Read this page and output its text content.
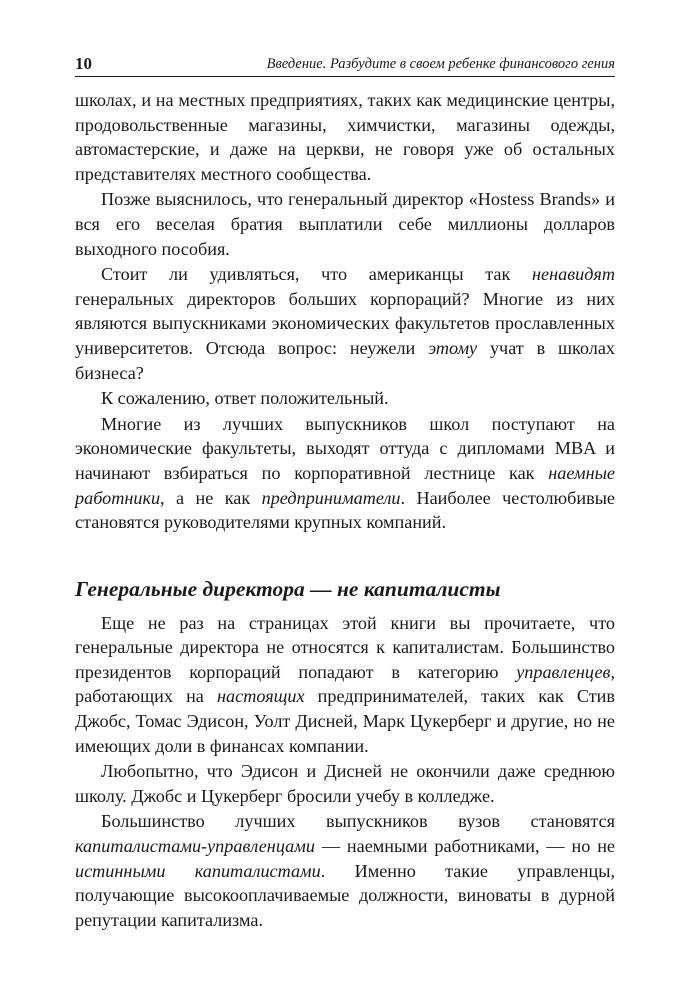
10	Введение. Разбудите в своем ребенке финансового гения

школах, и на местных предприятиях, таких как медицинские центры, продовольственные магазины, химчистки, магазины одежды, автомастерские, и даже на церкви, не говоря уже об остальных представителях местного сообщества.

Позже выяснилось, что генеральный директор «Hostess Brands» и вся его веселая братия выплатили себе миллионы долларов выходного пособия.

Стоит ли удивляться, что американцы так ненавидят генеральных директоров больших корпораций? Многие из них являются выпускниками экономических факультетов прославленных университетов. Отсюда вопрос: неужели этому учат в школах бизнеса?

К сожалению, ответ положительный.

Многие из лучших выпускников школ поступают на экономические факультеты, выходят оттуда с дипломами MBA и начинают взбираться по корпоративной лестнице как наемные работники, а не как предприниматели. Наиболее честолюбивые становятся руководителями крупных компаний.

Генеральные директора — не капиталисты

Еще не раз на страницах этой книги вы прочитаете, что генеральные директора не относятся к капиталистам. Большинство президентов корпораций попадают в категорию управленцев, работающих на настоящих предпринимателей, таких как Стив Джобс, Томас Эдисон, Уолт Дисней, Марк Цукерберг и другие, но не имеющих доли в финансах компании.

Любопытно, что Эдисон и Дисней не окончили даже среднюю школу. Джобс и Цукерберг бросили учебу в колледже.

Большинство лучших выпускников вузов становятся капиталистами-управленцами — наемными работниками, — но не истинными капиталистами. Именно такие управленцы, получающие высокооплачиваемые должности, виноваты в дурной репутации капитализма.
